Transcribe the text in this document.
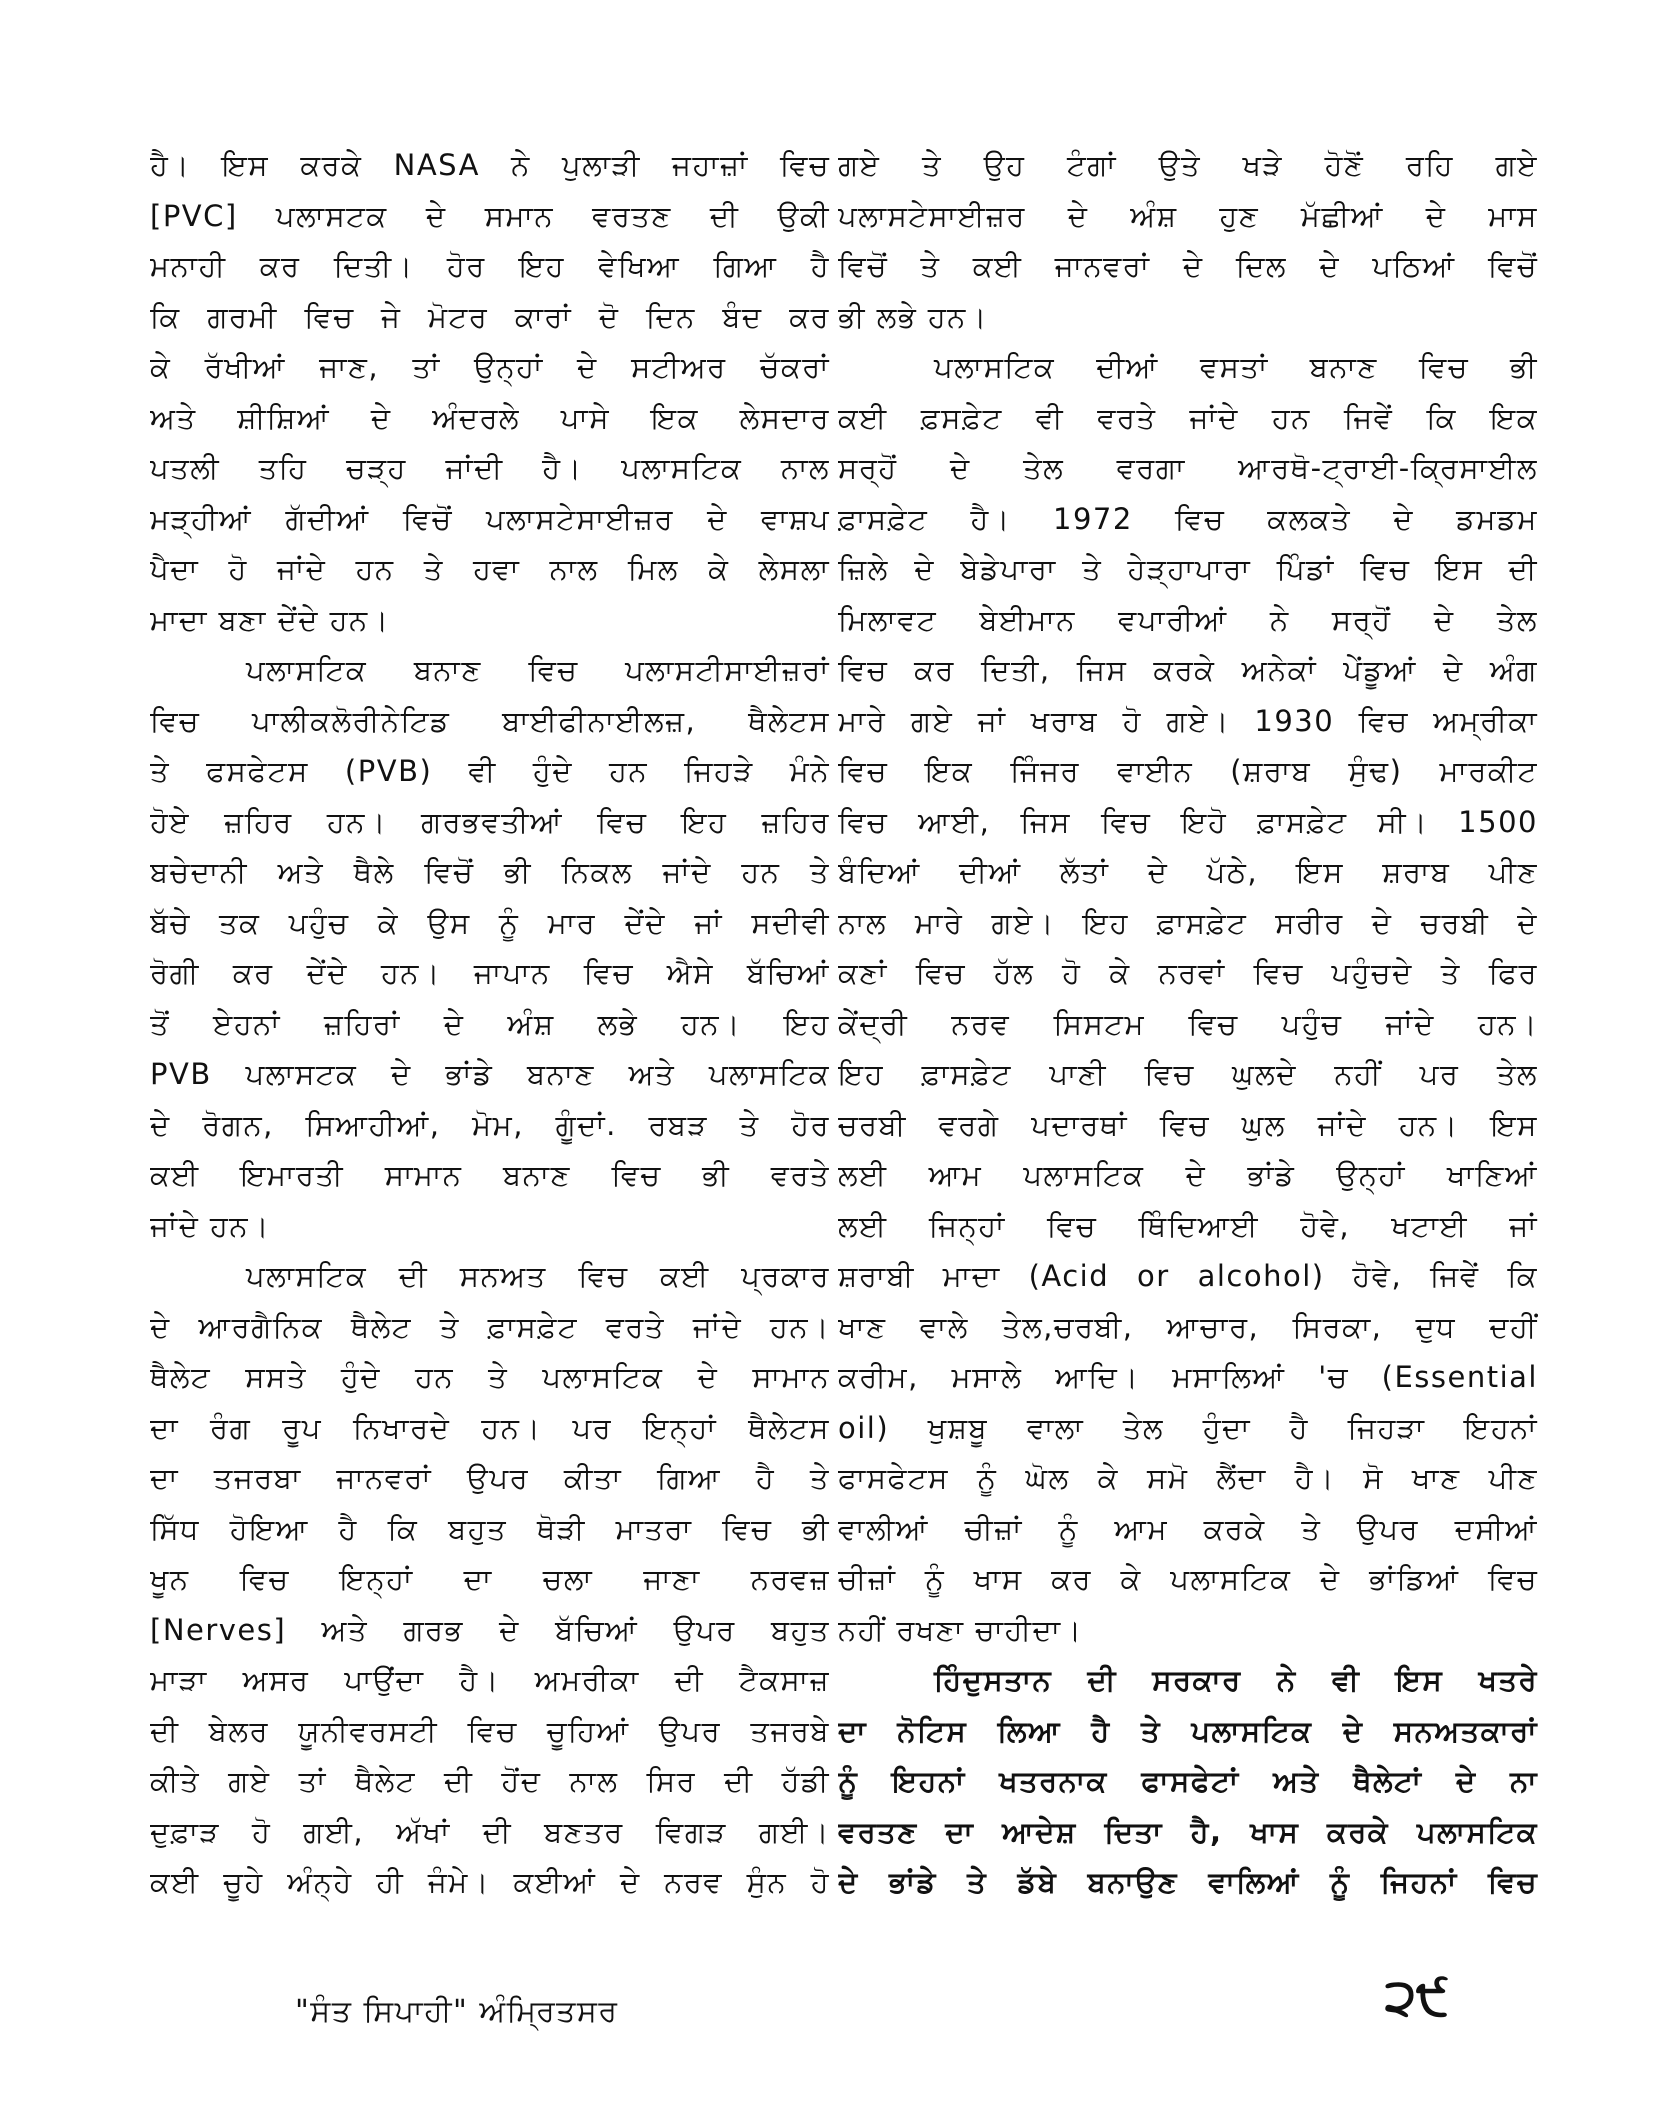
ਹੈ। ਇਸ ਕਰਕੇ NASA ਨੇ ਪੁਲਾੜੀ ਜਹਾਜ਼ਾਂ ਵਿਚ
[PVC] ਪਲਾਸਟਕ ਦੇ ਸਮਾਨ ਵਰਤਣ ਦੀ ਉਕੀ
ਮਨਾਹੀ ਕਰ ਦਿਤੀ। ਹੋਰ ਇਹ ਵੇਖਿਆ ਗਿਆ ਹੈ
ਕਿ ਗਰਮੀ ਵਿਚ ਜੇ ਮੋਟਰ ਕਾਰਾਂ ਦੋ ਦਿਨ ਬੰਦ ਕਰ
ਕੇ ਰੱਖੀਆਂ ਜਾਣ, ਤਾਂ ਉਨ੍ਹਾਂ ਦੇ ਸਟੀਅਰ ਚੱਕਰਾਂ
ਅਤੇ ਸ਼ੀਸ਼ਿਆਂ ਦੇ ਅੰਦਰਲੇ ਪਾਸੇ ਇਕ ਲੇਸਦਾਰ
ਪਤਲੀ ਤਹਿ ਚੜ੍ਹ ਜਾਂਦੀ ਹੈ। ਪਲਾਸਟਿਕ ਨਾਲ
ਮੜ੍ਹੀਆਂ ਗੱਦੀਆਂ ਵਿਚੋਂ ਪਲਾਸਟੇਸਾਈਜ਼ਰ ਦੇ ਵਾਸ਼ਪ
ਪੈਦਾ ਹੋ ਜਾਂਦੇ ਹਨ ਤੇ ਹਵਾ ਨਾਲ ਮਿਲ ਕੇ ਲੇਸਲਾ
ਮਾਦਾ ਬਣਾ ਦੇਂਦੇ ਹਨ।
ਪਲਾਸਟਿਕ ਬਨਾਣ ਵਿਚ ਪਲਾਸਟੀਸਾਈਜ਼ਰਾਂ
ਵਿਚ ਪਾਲੀਕਲੋਰੀਨੇਟਿਡ ਬਾਈਫੀਨਾਈਲਜ਼, ਥੈਲੇਟਸ
ਤੇ ਫਸਫੇਟਸ (PVB) ਵੀ ਹੁੰਦੇ ਹਨ ਜਿਹੜੇ ਮੰਨੇ
ਹੋਏ ਜ਼ਹਿਰ ਹਨ। ਗਰਭਵਤੀਆਂ ਵਿਚ ਇਹ ਜ਼ਹਿਰ
ਬਚੇਦਾਨੀ ਅਤੇ ਥੈਲੇ ਵਿਚੋਂ ਭੀ ਨਿਕਲ ਜਾਂਦੇ ਹਨ ਤੇ
ਬੱਚੇ ਤਕ ਪਹੁੰਚ ਕੇ ਉਸ ਨੂੰ ਮਾਰ ਦੇਂਦੇ ਜਾਂ ਸਦੀਵੀ
ਰੋਗੀ ਕਰ ਦੇਂਦੇ ਹਨ। ਜਾਪਾਨ ਵਿਚ ਐਸੇ ਬੱਚਿਆਂ
ਤੋਂ ਏਹਨਾਂ ਜ਼ਹਿਰਾਂ ਦੇ ਅੰਸ਼ ਲਭੇ ਹਨ। ਇਹ
PVB ਪਲਾਸਟਕ ਦੇ ਭਾਂਡੇ ਬਨਾਣ ਅਤੇ ਪਲਾਸਟਿਕ
ਦੇ ਰੋਗਨ, ਸਿਆਹੀਆਂ, ਮੋਮ, ਗੂੰਦਾਂ. ਰਬੜ ਤੇ ਹੋਰ
ਕਈ ਇਮਾਰਤੀ ਸਾਮਾਨ ਬਨਾਣ ਵਿਚ ਭੀ ਵਰਤੇ
ਜਾਂਦੇ ਹਨ।
ਪਲਾਸਟਿਕ ਦੀ ਸਨਅਤ ਵਿਚ ਕਈ ਪ੍ਰਕਾਰ
ਦੇ ਆਰਗੈਨਿਕ ਥੈਲੇਟ ਤੇ ਫ਼ਾਸਫ਼ੇਟ ਵਰਤੇ ਜਾਂਦੇ ਹਨ।
ਥੈਲੇਟ ਸਸਤੇ ਹੁੰਦੇ ਹਨ ਤੇ ਪਲਾਸਟਿਕ ਦੇ ਸਾਮਾਨ
ਦਾ ਰੰਗ ਰੂਪ ਨਿਖਾਰਦੇ ਹਨ। ਪਰ ਇਨ੍ਹਾਂ ਥੈਲੇਟਸ
ਦਾ ਤਜਰਬਾ ਜਾਨਵਰਾਂ ਉਪਰ ਕੀਤਾ ਗਿਆ ਹੈ ਤੇ
ਸਿੱਧ ਹੋਇਆ ਹੈ ਕਿ ਬਹੁਤ ਥੋੜੀ ਮਾਤਰਾ ਵਿਚ ਭੀ
ਖੂਨ ਵਿਚ ਇਨ੍ਹਾਂ ਦਾ ਚਲਾ ਜਾਣਾ ਨਰਵਜ਼
[Nerves] ਅਤੇ ਗਰਭ ਦੇ ਬੱਚਿਆਂ ਉਪਰ ਬਹੁਤ
ਮਾੜਾ ਅਸਰ ਪਾਉਂਦਾ ਹੈ। ਅਮਰੀਕਾ ਦੀ ਟੈਕਸਾਜ਼
ਦੀ ਬੇਲਰ ਯੂਨੀਵਰਸਟੀ ਵਿਚ ਚੂਹਿਆਂ ਉਪਰ ਤਜਰਬੇ
ਕੀਤੇ ਗਏ ਤਾਂ ਥੈਲੇਟ ਦੀ ਹੋਂਦ ਨਾਲ ਸਿਰ ਦੀ ਹੱਡੀ
ਦੁਫ਼ਾੜ ਹੋ ਗਈ, ਅੱਖਾਂ ਦੀ ਬਣਤਰ ਵਿਗੜ ਗਈ।
ਕਈ ਚੂਹੇ ਅੰਨ੍ਹੇ ਹੀ ਜੰਮੇ। ਕਈਆਂ ਦੇ ਨਰਵ ਸੁੰਨ ਹੋ
ਗਏ ਤੇ ਉਹ ਟੰਗਾਂ ਉਤੇ ਖੜੇ ਹੋਣੋਂ ਰਹਿ ਗਏ
ਪਲਾਸਟੇਸਾਈਜ਼ਰ ਦੇ ਅੰਸ਼ ਹੁਣ ਮੱਛੀਆਂ ਦੇ ਮਾਸ
ਵਿਚੋਂ ਤੇ ਕਈ ਜਾਨਵਰਾਂ ਦੇ ਦਿਲ ਦੇ ਪਠਿਆਂ ਵਿਚੋਂ
ਭੀ ਲਭੇ ਹਨ।
ਪਲਾਸਟਿਕ ਦੀਆਂ ਵਸਤਾਂ ਬਨਾਣ ਵਿਚ ਭੀ
ਕਈ ਫ਼ਸਫ਼ੇਟ ਵੀ ਵਰਤੇ ਜਾਂਦੇ ਹਨ ਜਿਵੇਂ ਕਿ ਇਕ
ਸਰ੍ਹੋਂ ਦੇ ਤੇਲ ਵਰਗਾ ਆਰਥੋ-ਟ੍ਰਾਈ-ਕ੍ਰਿਸਾਈਲ
ਫ਼ਾਸਫ਼ੇਟ ਹੈ। 1972 ਵਿਚ ਕਲਕਤੇ ਦੇ ਡਮਡਮ
ਜ਼ਿਲੇ ਦੇ ਬੇਡੇਪਾਰਾ ਤੇ ਹੇੜ੍ਹਾਪਾਰਾ ਪਿੰਡਾਂ ਵਿਚ ਇਸ ਦੀ
ਮਿਲਾਵਟ ਬੇਈਮਾਨ ਵਪਾਰੀਆਂ ਨੇ ਸਰ੍ਹੋਂ ਦੇ ਤੇਲ
ਵਿਚ ਕਰ ਦਿਤੀ, ਜਿਸ ਕਰਕੇ ਅਨੇਕਾਂ ਪੇਂਡੂਆਂ ਦੇ ਅੰਗ
ਮਾਰੇ ਗਏ ਜਾਂ ਖਰਾਬ ਹੋ ਗਏ। 1930 ਵਿਚ ਅਮ੍ਰੀਕਾ
ਵਿਚ ਇਕ ਜਿੰਜਰ ਵਾਈਨ (ਸ਼ਰਾਬ ਸੁੰਢ) ਮਾਰਕੀਟ
ਵਿਚ ਆਈ, ਜਿਸ ਵਿਚ ਇਹੋ ਫ਼ਾਸਫ਼ੇਟ ਸੀ। 1500
ਬੰਦਿਆਂ ਦੀਆਂ ਲੱਤਾਂ ਦੇ ਪੱਠੇ, ਇਸ ਸ਼ਰਾਬ ਪੀਣ
ਨਾਲ ਮਾਰੇ ਗਏ। ਇਹ ਫ਼ਾਸਫ਼ੇਟ ਸਰੀਰ ਦੇ ਚਰਬੀ ਦੇ
ਕਣਾਂ ਵਿਚ ਹੱਲ ਹੋ ਕੇ ਨਰਵਾਂ ਵਿਚ ਪਹੁੰਚਦੇ ਤੇ ਫਿਰ
ਕੇਂਦ੍ਰੀ ਨਰਵ ਸਿਸਟਮ ਵਿਚ ਪਹੁੰਚ ਜਾਂਦੇ ਹਨ।
ਇਹ ਫ਼ਾਸਫ਼ੇਟ ਪਾਣੀ ਵਿਚ ਘੁਲਦੇ ਨਹੀਂ ਪਰ ਤੇਲ
ਚਰਬੀ ਵਰਗੇ ਪਦਾਰਥਾਂ ਵਿਚ ਘੁਲ ਜਾਂਦੇ ਹਨ। ਇਸ
ਲਈ ਆਮ ਪਲਾਸਟਿਕ ਦੇ ਭਾਂਡੇ ਉਨ੍ਹਾਂ ਖਾਣਿਆਂ
ਲਈ ਜਿਨ੍ਹਾਂ ਵਿਚ ਥਿੰਦਿਆਈ ਹੋਵੇ, ਖਟਾਈ ਜਾਂ
ਸ਼ਰਾਬੀ ਮਾਦਾ (Acid or alcohol) ਹੋਵੇ, ਜਿਵੇਂ ਕਿ
ਖਾਣ ਵਾਲੇ ਤੇਲ,ਚਰਬੀ, ਆਚਾਰ, ਸਿਰਕਾ, ਦੁਧ ਦਹੀਂ
ਕਰੀਮ, ਮਸਾਲੇ ਆਦਿ। ਮਸਾਲਿਆਂ 'ਚ (Essential
oil) ਖੁਸ਼ਬੂ ਵਾਲਾ ਤੇਲ ਹੁੰਦਾ ਹੈ ਜਿਹੜਾ ਇਹਨਾਂ
ਫਾਸਫੇਟਸ ਨੂੰ ਘੋਲ ਕੇ ਸਮੋ ਲੈਂਦਾ ਹੈ। ਸੋ ਖਾਣ ਪੀਣ
ਵਾਲੀਆਂ ਚੀਜ਼ਾਂ ਨੂੰ ਆਮ ਕਰਕੇ ਤੇ ਉਪਰ ਦਸੀਆਂ
ਚੀਜ਼ਾਂ ਨੂੰ ਖਾਸ ਕਰ ਕੇ ਪਲਾਸਟਿਕ ਦੇ ਭਾਂਡਿਆਂ ਵਿਚ
ਨਹੀਂ ਰਖਣਾ ਚਾਹੀਦਾ।
ਹਿੰਦੁਸਤਾਨ ਦੀ ਸਰਕਾਰ ਨੇ ਵੀ ਇਸ ਖਤਰੇ
ਦਾ ਨੋਟਿਸ ਲਿਆ ਹੈ ਤੇ ਪਲਾਸਟਿਕ ਦੇ ਸਨਅਤਕਾਰਾਂ
ਨੂੰ ਇਹਨਾਂ ਖਤਰਨਾਕ ਫਾਸਫੇਟਾਂ ਅਤੇ ਥੈਲੇਟਾਂ ਦੇ ਨਾ
ਵਰਤਣ ਦਾ ਆਦੇਸ਼ ਦਿਤਾ ਹੈ, ਖਾਸ ਕਰਕੇ ਪਲਾਸਟਿਕ
ਦੇ ਭਾਂਡੇ ਤੇ ਡੱਬੇ ਬਨਾਉਣ ਵਾਲਿਆਂ ਨੂੰ ਜਿਹਨਾਂ ਵਿਚ
"ਸੰਤ ਸਿਪਾਹੀ" ਅੰਮ੍ਰਿਤਸਰ	੨੯
